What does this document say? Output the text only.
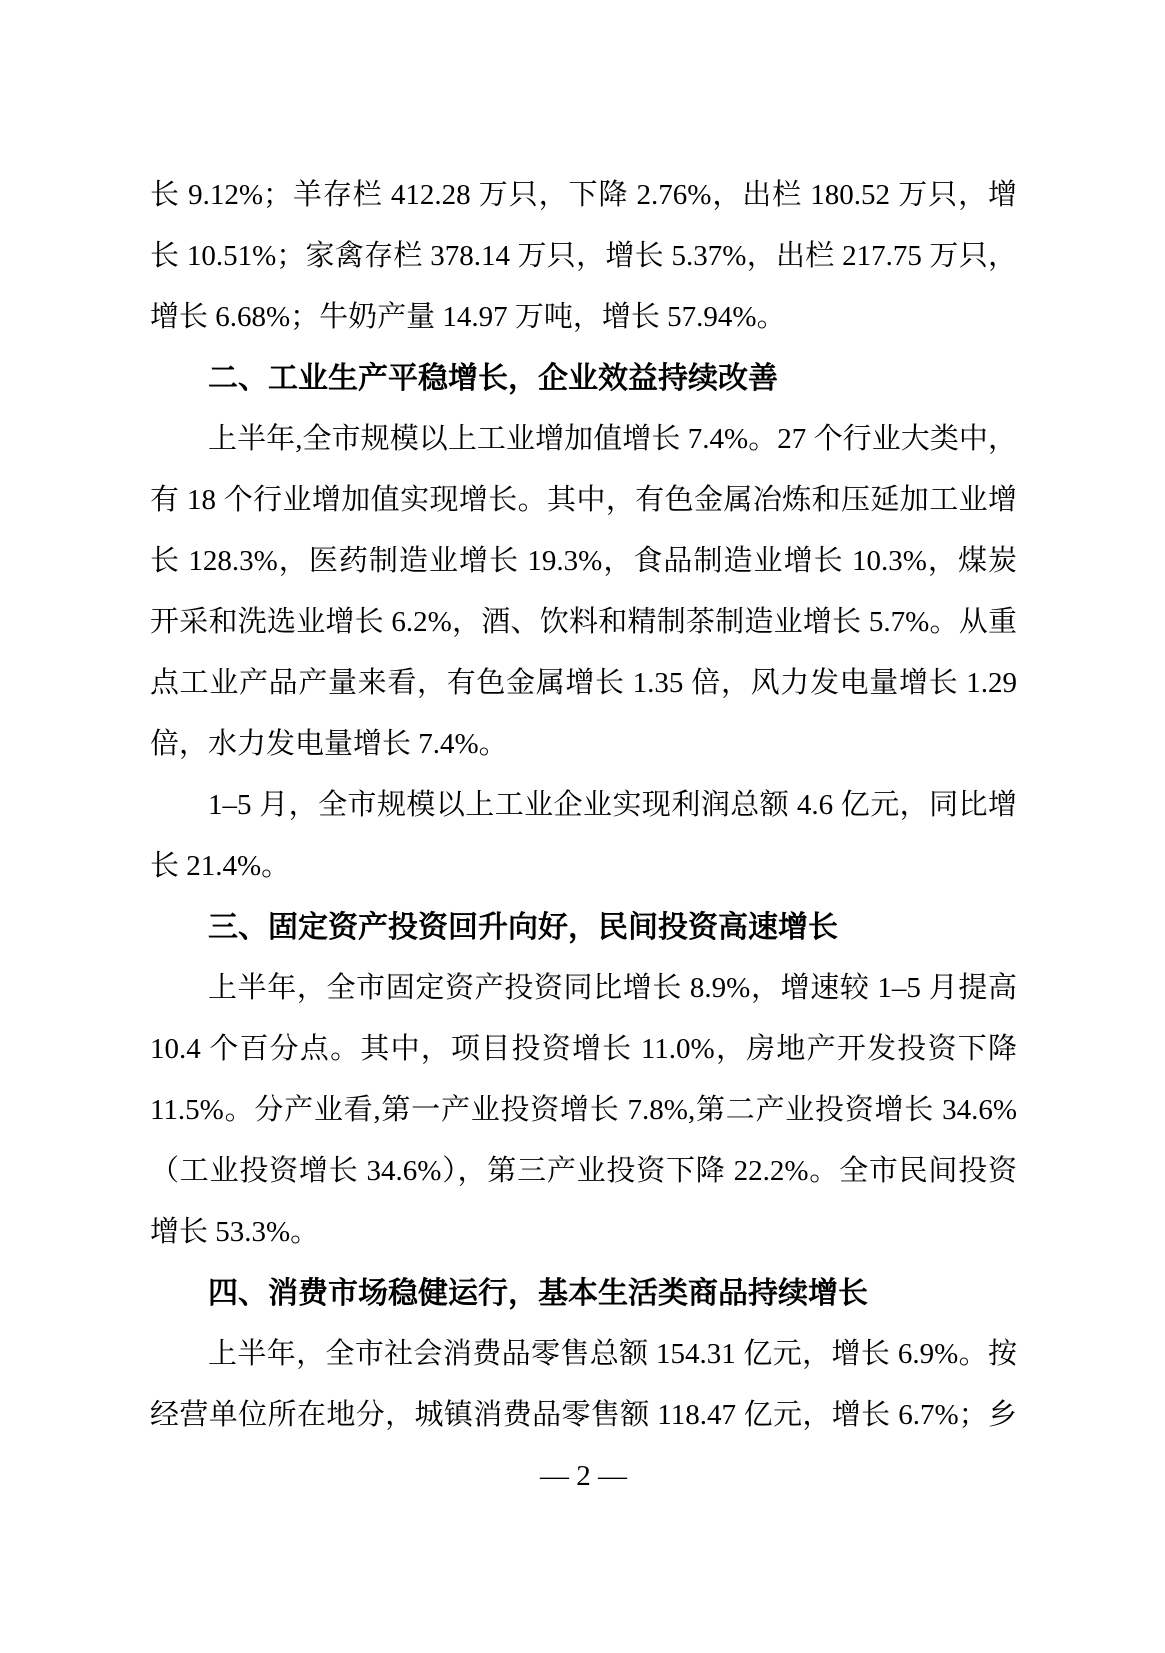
长 9.12%；羊存栏 412.28 万只，下降 2.76%，出栏 180.52 万只，增
长 10.51%；家禽存栏 378.14 万只，增长 5.37%，出栏 217.75 万只，
增长 6.68%；牛奶产量 14.97 万吨，增长 57.94%。
二、工业生产平稳增长，企业效益持续改善
上半年,全市规模以上工业增加值增长 7.4%。27 个行业大类中，
有 18 个行业增加值实现增长。其中，有色金属冶炼和压延加工业增
长 128.3%，医药制造业增长 19.3%，食品制造业增长 10.3%，煤炭
开采和洗选业增长 6.2%，酒、饮料和精制茶制造业增长 5.7%。从重
点工业产品产量来看，有色金属增长 1.35 倍，风力发电量增长 1.29
倍，水力发电量增长 7.4%。
1–5 月，全市规模以上工业企业实现利润总额 4.6 亿元，同比增
长 21.4%。
三、固定资产投资回升向好，民间投资高速增长
上半年，全市固定资产投资同比增长 8.9%，增速较 1–5 月提高
10.4 个百分点。其中，项目投资增长 11.0%，房地产开发投资下降
11.5%。分产业看,第一产业投资增长 7.8%,第二产业投资增长 34.6%
（工业投资增长 34.6%），第三产业投资下降 22.2%。全市民间投资
增长 53.3%。
四、消费市场稳健运行，基本生活类商品持续增长
上半年，全市社会消费品零售总额 154.31 亿元，增长 6.9%。按
经营单位所在地分，城镇消费品零售额 118.47 亿元，增长 6.7%；乡
— 2 —
